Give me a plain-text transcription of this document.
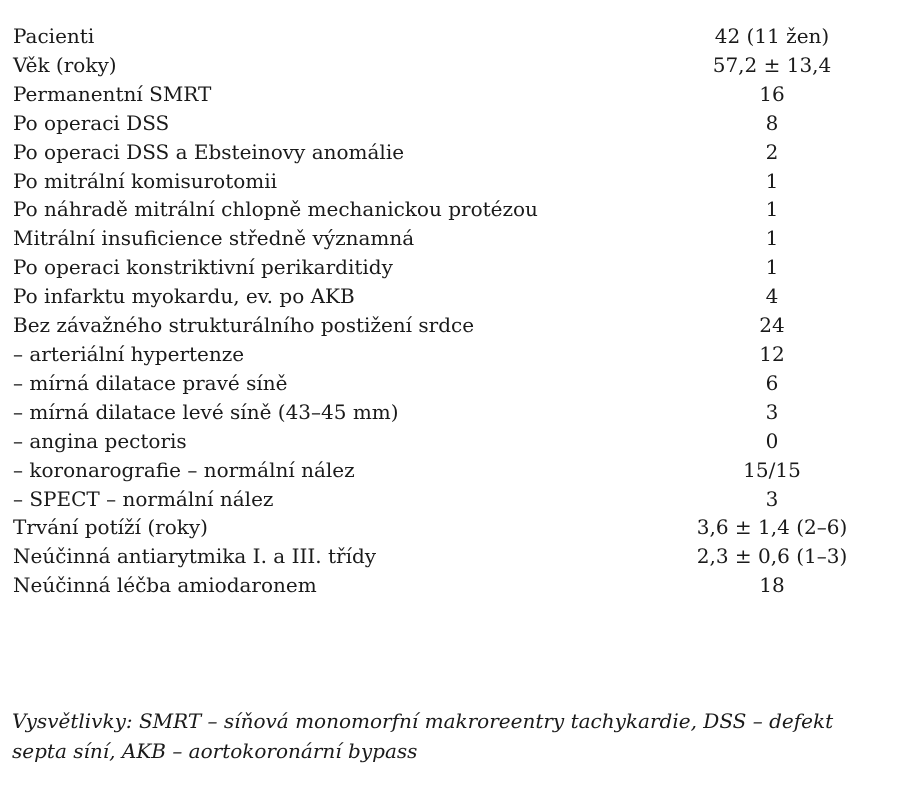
Pacienti	42 (11 žen)
Věk (roky)	57,2 ± 13,4
Permanentní SMRT	16
Po operaci DSS	8
Po operaci DSS a Ebsteinovy anomálie	2
Po mitrální komisurotomii	1
Po náhradě mitrální chlopně mechanickou protézou	1
Mitrální insuficience středně významná	1
Po operaci konstriktivní perikarditidy	1
Po infarktu myokardu, ev. po AKB	4
Bez závažného strukturálního postižení srdce	24
– arteriální hypertenze	12
– mírná dilatace pravé síně	6
– mírná dilatace levé síně (43–45 mm)	3
– angina pectoris	0
– koronarografie – normální nález	15/15
– SPECT – normální nález	3
Trvání potíží (roky)	3,6 ± 1,4 (2–6)
Neúčinná antiarytmika I. a III. třídy	2,3 ± 0,6 (1–3)
Neúčinná léčba amiodaronem	18
Vysvětlivky: SMRT – síňová monomorfní makroreentry tachykardie, DSS – defekt septa síní, AKB – aortokoronární bypass
